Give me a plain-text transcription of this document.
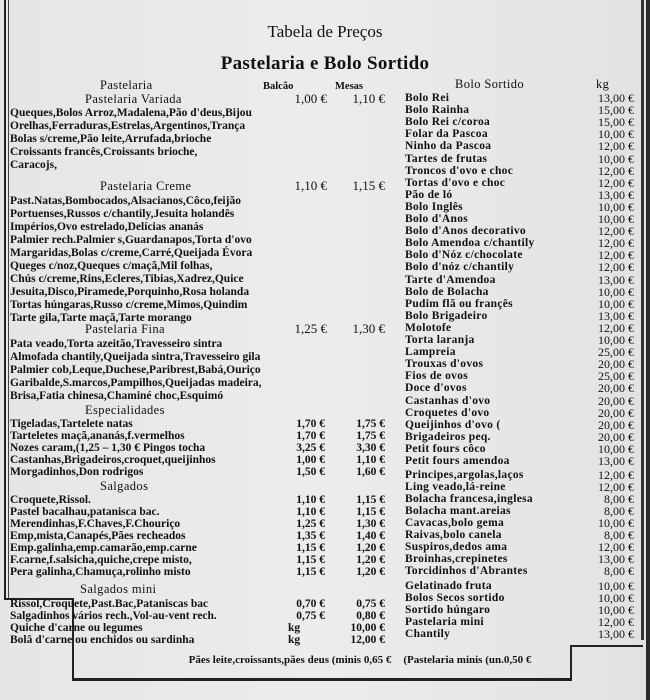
Tabela de Preços
Pastelaria e Bolo Sortido
Pastelaria	Balcão	Mesas	Bolo Sortido	kg
Pastelaria Variada	1,00 €	1,10 €
Queques,Bolos Arroz,Madalena,Pão d'deus,Bijou
Orelhas,Ferraduras,Estrelas,Argentinos,Trança
Bolas s/creme,Pão leite,Arrufada,brioche
Croissants francês,Croissants brioche,
Caracojs,
Pastelaria Creme	1,10 €	1,15 €
Past.Natas,Bombocados,Alsacianos,Côco,feijão
Portuenses,Russos c/chantily,Jesuita holandês
Impérios,Ovo estrelado,Delícias ananás
Palmier rech.Palmier s,Guardanapos,Torta d'ovo
Margaridas,Bolas c/creme,Carré,Queijada Évora
Queges c/noz,Queques c/maçã,Mil folhas,
Chús c/creme,Rins,Ecleres,Tibias,Xadrez,Quice
Jesuita,Disco,Piramede,Porquinho,Rosa holanda
Tortas húngaras,Russo c/creme,Mimos,Quindim
Tarte gila,Tarte maçã,Tarte morango
Pastelaria Fina	1,25 €	1,30 €
Pata veado,Torta azeitão,Travesseiro sintra
Almofada chantily,Queijada sintra,Travesseiro gila
Palmier cob,Leque,Duchese,Paribrest,Babá,Ouriço
Garibalde,S.marcos,Pampilhos,Queijadas madeira,
Brisa,Fatia chinesa,Chaminé choc,Esquimó
Especialidades
Tigeladas,Tartelete natas	1,70 €	1,75 €
Tarteletes maçã,ananás,f.vermelhos	1,70 €	1,75 €
Nozes caram,(1,25 – 1,30 € Pingos tocha	3,25 €	3,30 €
Castanhas,Brigadeiros,croquet,queijinhos	1,00 €	1,10 €
Morgadinhos,Don rodrigos	1,50 €	1,60 €
Salgados
Croquete,Rissol.	1,10 €	1,15 €
Pastel bacalhau,patanisca bac.	1,10 €	1,15 €
Merendinhas,F.Chaves,F.Chouriço	1,25 €	1,30 €
Emp,mista,Canapés,Pães recheados	1,35 €	1,40 €
Emp.galinha,emp.camarão,emp.carne	1,15 €	1,20 €
F.carne,f.salsicha,quiche,crepe misto,	1,15 €	1,20 €
Pera galinha,Chamuça,rolinho misto	1,15 €	1,20 €
Salgados mini
Rissol,Croquete,Past.Bac,Pataniscas bac	0,70 €	0,75 €
Salgadinhos vários rech.,Vol-au-vent rech.	0,75 €	0,80 €
Quiche d'carne ou legumes	kg	10,00 €
Bolâ d'carne ou enchidos ou sardinha	kg	12,00 €
Bolo Rei	13,00 €
Bolo Rainha	15,00 €
Bolo Rei c/coroa	15,00 €
Folar da Pascoa	10,00 €
Ninho da Pascoa	12,00 €
Tartes de frutas	10,00 €
Troncos d'ovo e choc	12,00 €
Tortas d'ovo e choc	12,00 €
Pão de ló	13,00 €
Bolo Inglês	10,00 €
Bolo d'Anos	10,00 €
Bolo d'Anos decorativo	12,00 €
Bolo Amendoa c/chantily	12,00 €
Bolo d'Nóz c/chocolate	12,00 €
Bolo d'nóz c/chantily	12,00 €
Tarte d'Amendoa	13,00 €
Bolo de Bolacha	10,00 €
Pudim flã ou françês	10,00 €
Bolo Brigadeiro	13,00 €
Molotofe	12,00 €
Torta laranja	10,00 €
Lampreia	25,00 €
Trouxas d'ovos	20,00 €
Fios de ovos	25,00 €
Doce d'ovos	20,00 €
Castanhas d'ovo	20,00 €
Croquetes d'ovo	20,00 €
Queijinhos d'ovo (	20,00 €
Brigadeiros peq.	20,00 €
Petit fours côco	10,00 €
Petit fours amendoa	13,00 €
Principes,argolas,laços	12,00 €
Ling veado,lá-reine	12,00 €
Bolacha francesa,inglesa	8,00 €
Bolacha mant.areias	8,00 €
Cavacas,bolo gema	10,00 €
Raivas,bolo canela	8,00 €
Suspiros,dedos ama	12,00 €
Broinhas,crepinetes	13,00 €
Torcidinhos d'Abrantes	8,00 €
Gelatinado fruta	10,00 €
Bolos Secos sortido	10,00 €
Sortido húngaro	10,00 €
Pastelaria mini	12,00 €
Chantily	13,00 €
Pães leite,croissants,pães deus (minis 0,65 € (Pastelaria minis (un.0,50 €
